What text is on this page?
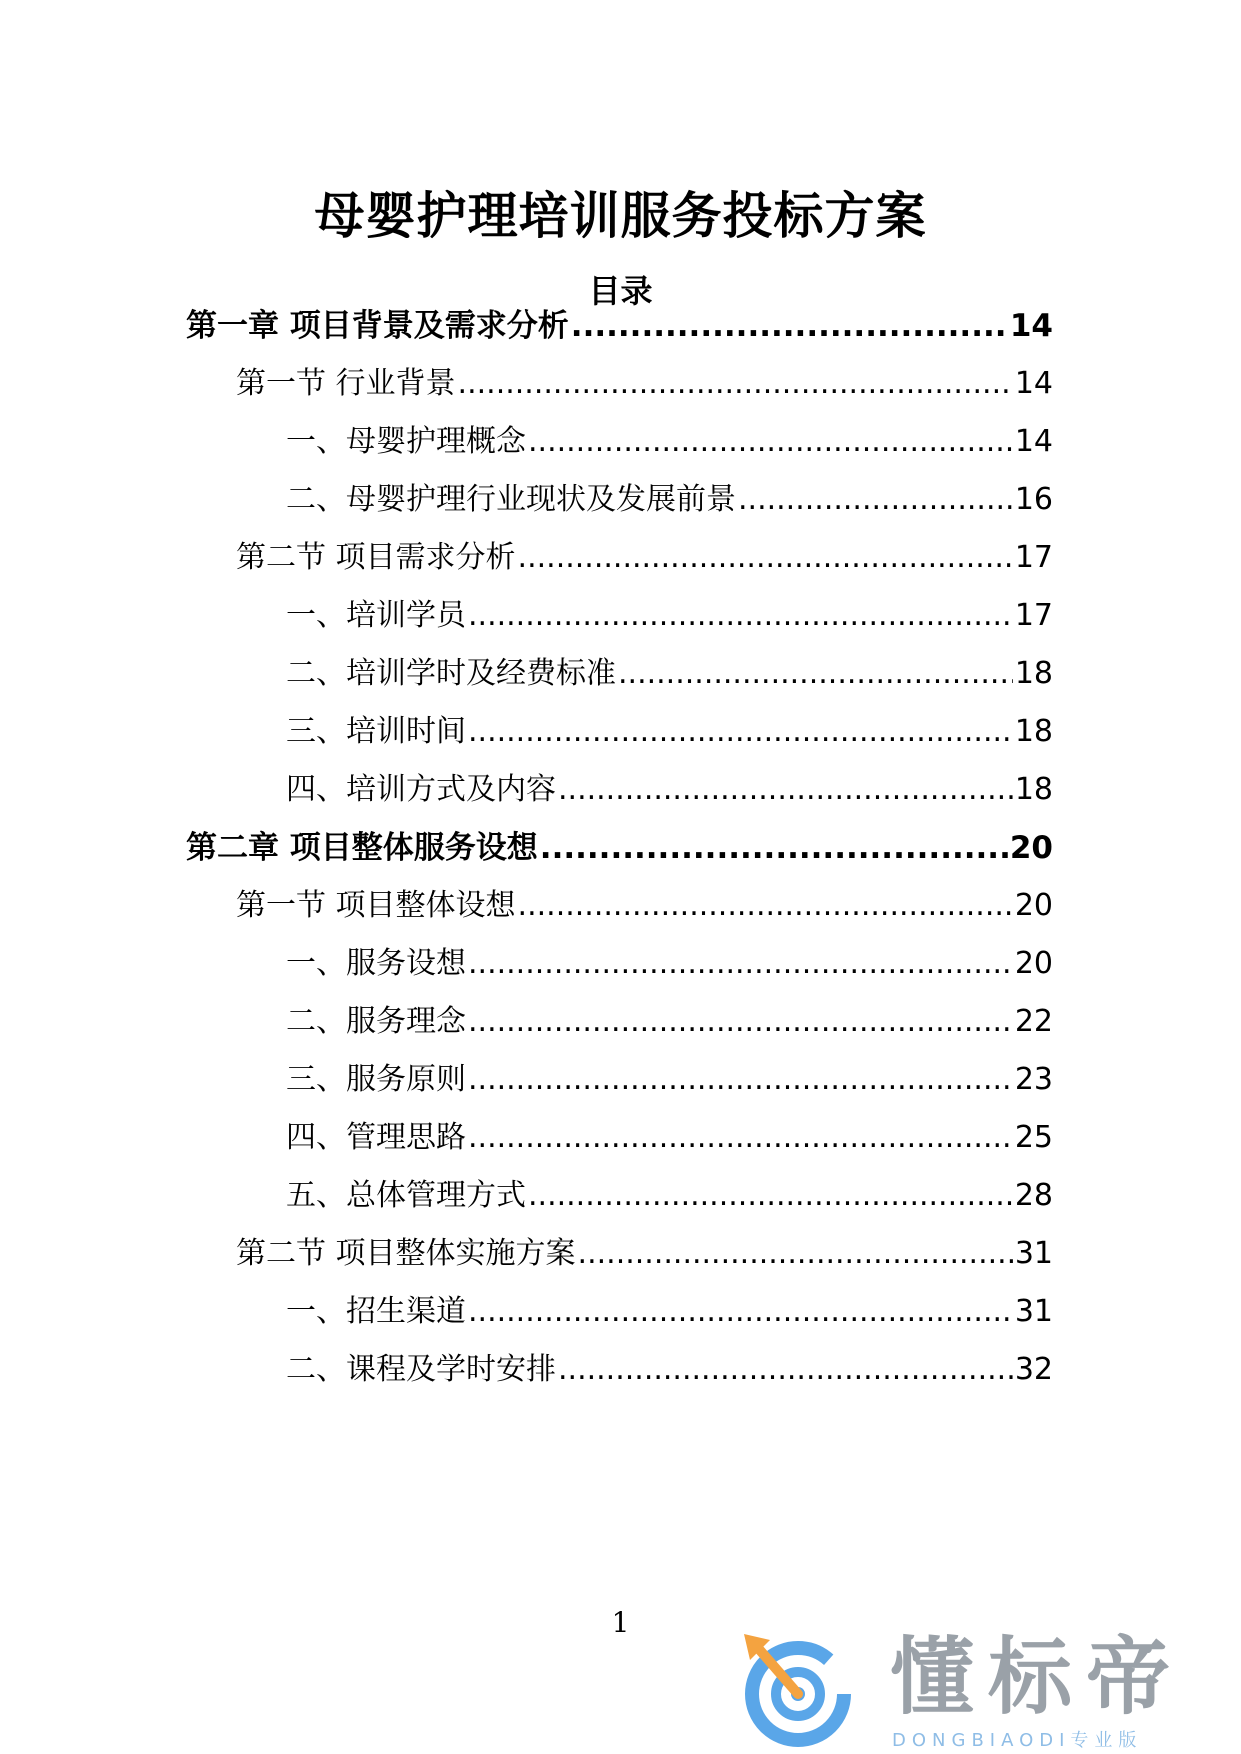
母婴护理培训服务投标方案
目录
第一章 项目背景及需求分析 .....	14
第一节 行业背景 .....	14
一、母婴护理概念 .....	14
二、母婴护理行业现状及发展前景 .....	16
第二节 项目需求分析 .....	17
一、培训学员 .....	17
二、培训学时及经费标准 .....	18
三、培训时间 .....	18
四、培训方式及内容 .....	18
第二章 项目整体服务设想 .....	20
第一节 项目整体设想 .....	20
一、服务设想 .....	20
二、服务理念 .....	22
三、服务原则 .....	23
四、管理思路 .....	25
五、总体管理方式 .....	28
第二节 项目整体实施方案 .....	31
一、招生渠道 .....	31
二、课程及学时安排 .....	32
1
懂标帝
DONGBIAODI专业版
